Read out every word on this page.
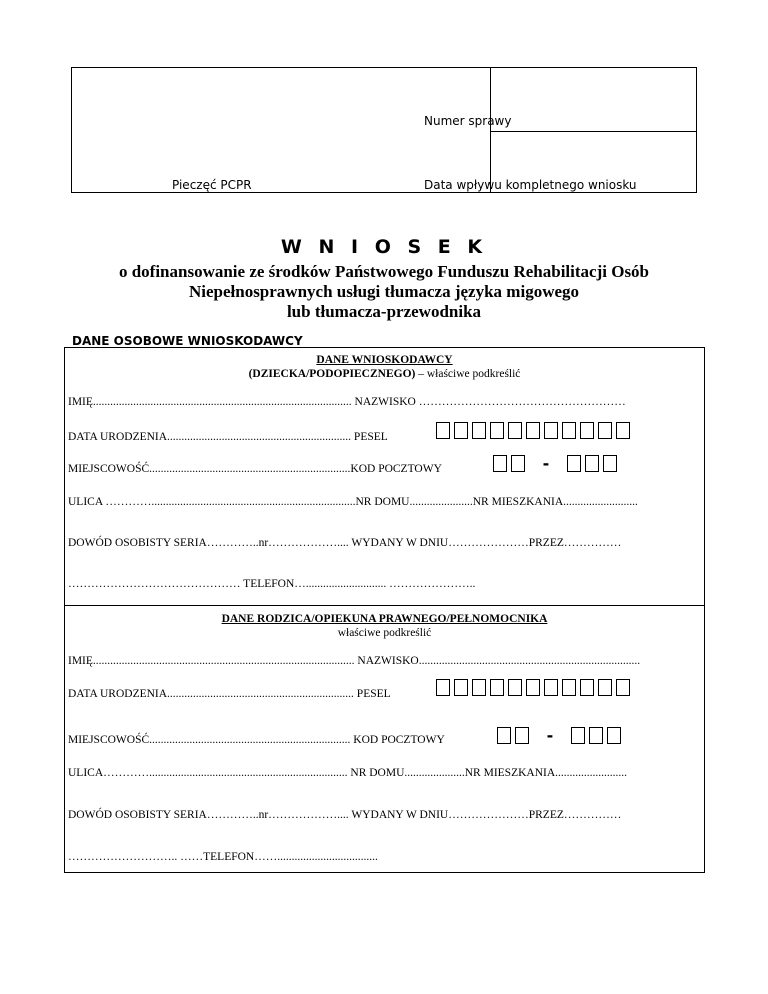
Numer sprawy
Pieczęć PCPR	Data wpływu kompletnego wniosku
W N I O S E K
o dofinansowanie ze środków Państwowego Funduszu Rehabilitacji Osób
Niepełnosprawnych usługi tłumacza języka migowego
lub tłumacza-przewodnika
DANE OSOBOWE WNIOSKODAWCY
DANE WNIOSKODAWCY
(DZIECKA/PODOPIECZNEGO) – właściwe podkreślić
IMIĘ.......................................................................................... NAZWISKO ………………………………………………
DATA URODZENIA................................................................ PESEL
MIEJSCOWOŚĆ......................................................................KOD POCZTOWY	-
ULICA ………….......................................................................NR DOMU......................NR MIESZKANIA..........................
DOWÓD OSOBISTY SERIA…………..nr……………….... WYDANY W DNIU…………………PRZEZ……………
……………………………………… TELEFON…............................ …………………..
DANE RODZICA/OPIEKUNA PRAWNEGO/PEŁNOMOCNIKA
właściwe podkreślić
IMIĘ........................................................................................... NAZWISKO.............................................................................
DATA URODZENIA................................................................. PESEL
MIEJSCOWOŚĆ...................................................................... KOD POCZTOWY	-
ULICA…………..................................................................... NR DOMU.....................NR MIESZKANIA.........................
DOWÓD OSOBISTY SERIA…………..nr……………….... WYDANY W DNIU…………………PRZEZ……………
……………………….. ……TELEFON……...................................
